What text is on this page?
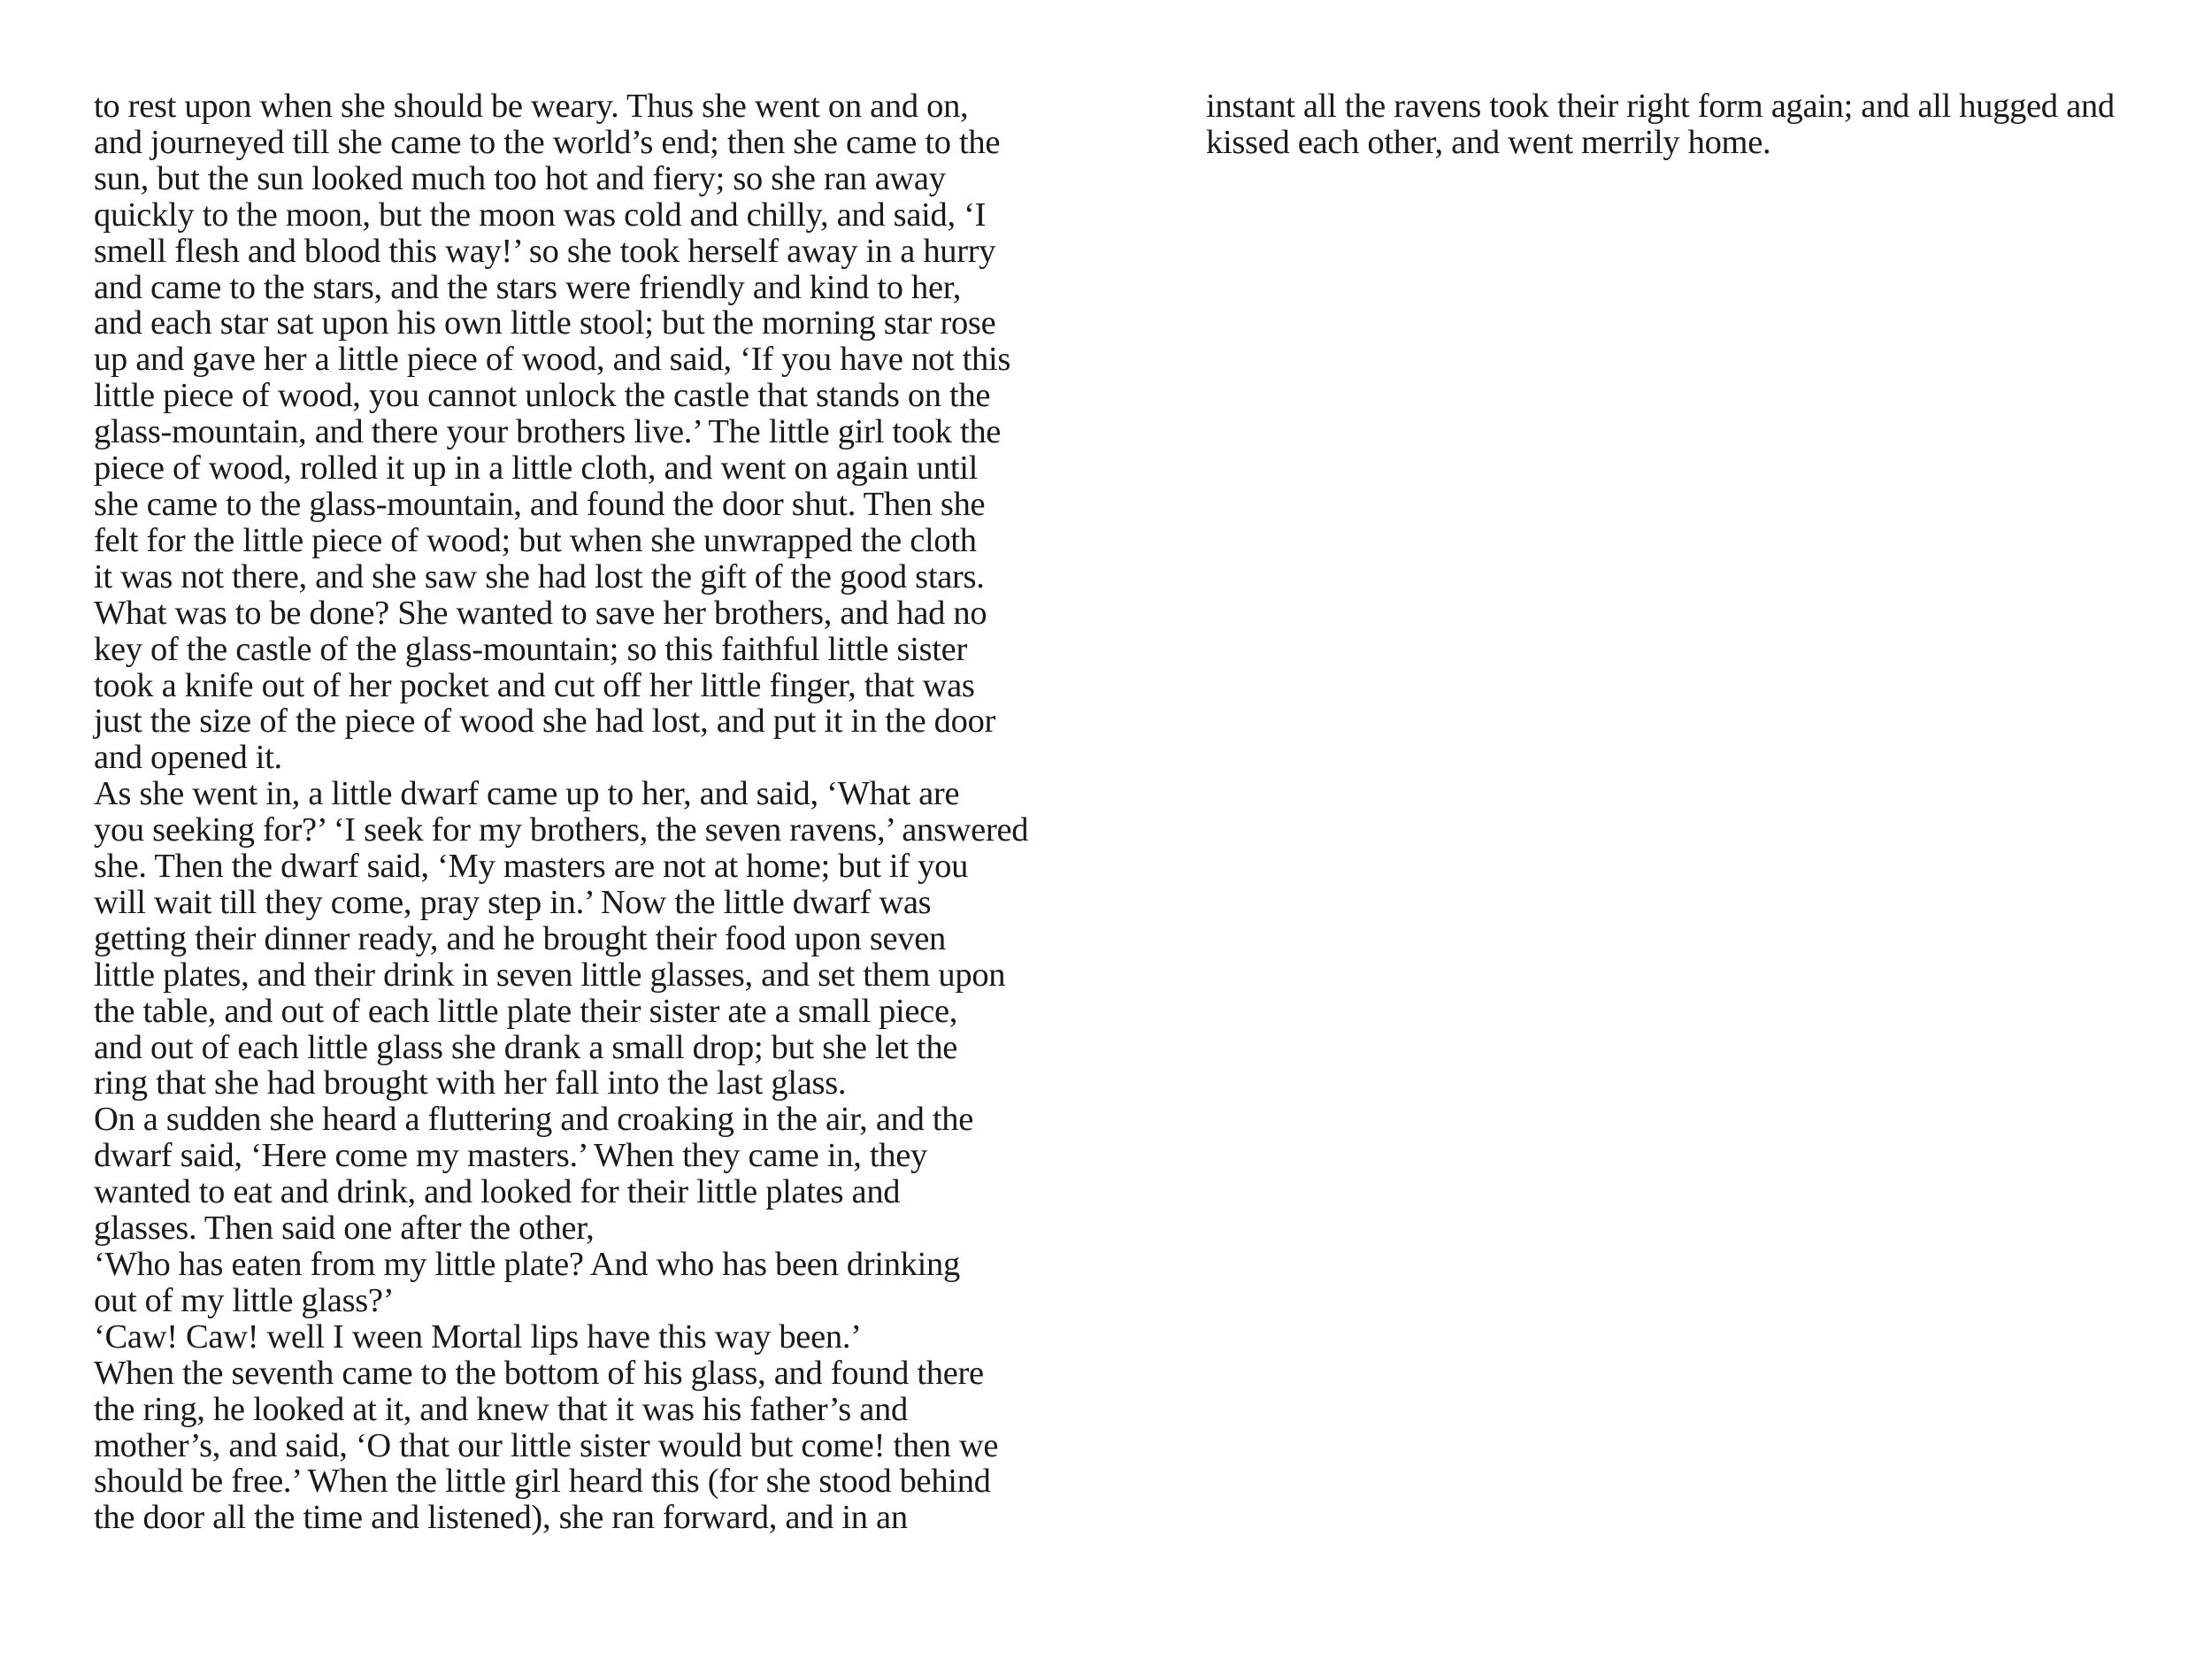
to rest upon when she should be weary. Thus she went on and on,
and journeyed till she came to the world’s end; then she came to the
sun, but the sun looked much too hot and fiery; so she ran away
quickly to the moon, but the moon was cold and chilly, and said, ‘I
smell flesh and blood this way!’ so she took herself away in a hurry
and came to the stars, and the stars were friendly and kind to her,
and each star sat upon his own little stool; but the morning star rose
up and gave her a little piece of wood, and said, ‘If you have not this
little piece of wood, you cannot unlock the castle that stands on the
glass-mountain, and there your brothers live.’ The little girl took the
piece of wood, rolled it up in a little cloth, and went on again until
she came to the glass-mountain, and found the door shut. Then she
felt for the little piece of wood; but when she unwrapped the cloth
it was not there, and she saw she had lost the gift of the good stars.
What was to be done? She wanted to save her brothers, and had no
key of the castle of the glass-mountain; so this faithful little sister
took a knife out of her pocket and cut off her little finger, that was
just the size of the piece of wood she had lost, and put it in the door
and opened it.
As she went in, a little dwarf came up to her, and said, ‘What are
you seeking for?’ ‘I seek for my brothers, the seven ravens,’ answered
she. Then the dwarf said, ‘My masters are not at home; but if you
will wait till they come, pray step in.’ Now the little dwarf was
getting their dinner ready, and he brought their food upon seven
little plates, and their drink in seven little glasses, and set them upon
the table, and out of each little plate their sister ate a small piece,
and out of each little glass she drank a small drop; but she let the
ring that she had brought with her fall into the last glass.
On a sudden she heard a fluttering and croaking in the air, and the
dwarf said, ‘Here come my masters.’ When they came in, they
wanted to eat and drink, and looked for their little plates and
glasses. Then said one after the other,
‘Who has eaten from my little plate? And who has been drinking
out of my little glass?’
‘Caw! Caw! well I ween Mortal lips have this way been.’
When the seventh came to the bottom of his glass, and found there
the ring, he looked at it, and knew that it was his father’s and
mother’s, and said, ‘O that our little sister would but come! then we
should be free.’ When the little girl heard this (for she stood behind
the door all the time and listened), she ran forward, and in an
instant all the ravens took their right form again; and all hugged and
kissed each other, and went merrily home.
